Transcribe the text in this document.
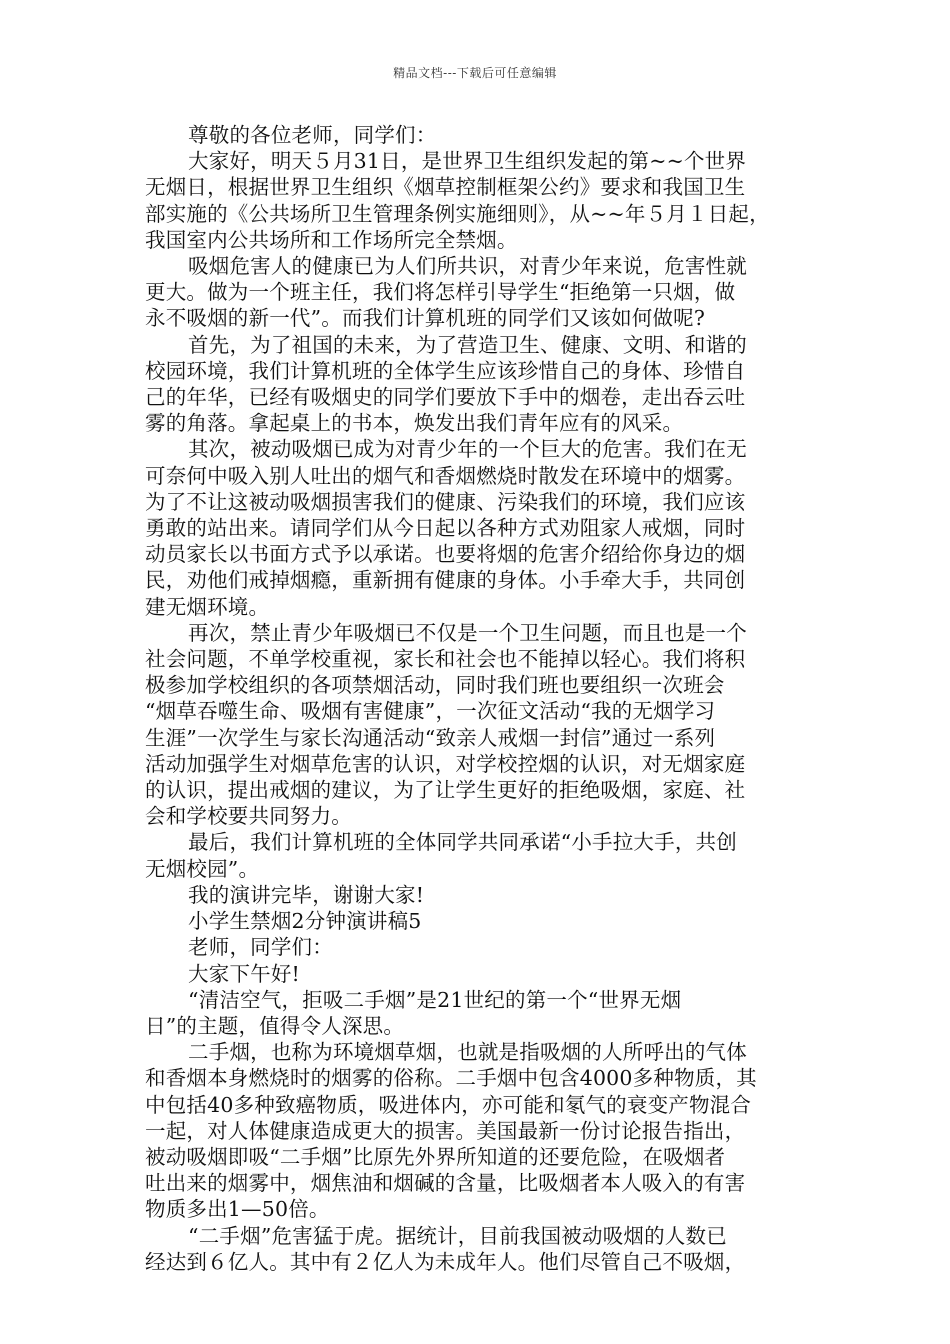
精品文档---下载后可任意编辑
尊敬的各位老师，同学们：
大家好，明天５月31日，是世界卫生组织发起的第~~个世界
无烟日，根据世界卫生组织《烟草控制框架公约》要求和我国卫生
部实施的《公共场所卫生管理条例实施细则》，从~~年５月１日起，
我国室内公共场所和工作场所完全禁烟。
吸烟危害人的健康已为人们所共识，对青少年来说，危害性就
更大。做为一个班主任，我们将怎样引导学生“拒绝第一只烟，做
永不吸烟的新一代”。而我们计算机班的同学们又该如何做呢?
首先，为了祖国的未来，为了营造卫生、健康、文明、和谐的
校园环境，我们计算机班的全体学生应该珍惜自己的身体、珍惜自
己的年华，已经有吸烟史的同学们要放下手中的烟卷，走出吞云吐
雾的角落。拿起桌上的书本，焕发出我们青年应有的风采。
其次，被动吸烟已成为对青少年的一个巨大的危害。我们在无
可奈何中吸入别人吐出的烟气和香烟燃烧时散发在环境中的烟雾。
为了不让这被动吸烟损害我们的健康、污染我们的环境，我们应该
勇敢的站出来。请同学们从今日起以各种方式劝阻家人戒烟，同时
动员家长以书面方式予以承诺。也要将烟的危害介绍给你身边的烟
民，劝他们戒掉烟瘾，重新拥有健康的身体。小手牵大手，共同创
建无烟环境。
再次，禁止青少年吸烟已不仅是一个卫生问题，而且也是一个
社会问题，不单学校重视，家长和社会也不能掉以轻心。我们将积
极参加学校组织的各项禁烟活动，同时我们班也要组织一次班会
“烟草吞噬生命、吸烟有害健康”，一次征文活动“我的无烟学习
生涯”一次学生与家长沟通活动“致亲人戒烟一封信”通过一系列
活动加强学生对烟草危害的认识，对学校控烟的认识，对无烟家庭
的认识，提出戒烟的建议，为了让学生更好的拒绝吸烟，家庭、社
会和学校要共同努力。
最后，我们计算机班的全体同学共同承诺“小手拉大手，共创
无烟校园”。
我的演讲完毕，谢谢大家!
小学生禁烟2分钟演讲稿5
老师，同学们：
大家下午好!
“清洁空气，拒吸二手烟”是21世纪的第一个“世界无烟
日”的主题，值得令人深思。
二手烟，也称为环境烟草烟，也就是指吸烟的人所呼出的气体
和香烟本身燃烧时的烟雾的俗称。二手烟中包含4000多种物质，其
中包括40多种致癌物质，吸进体内，亦可能和氡气的衰变产物混合
一起，对人体健康造成更大的损害。美国最新一份讨论报告指出，
被动吸烟即吸“二手烟”比原先外界所知道的还要危险，在吸烟者
吐出来的烟雾中，烟焦油和烟碱的含量，比吸烟者本人吸入的有害
物质多出1—50倍。
“二手烟”危害猛于虎。据统计，目前我国被动吸烟的人数已
经达到６亿人。其中有２亿人为未成年人。他们尽管自己不吸烟，
